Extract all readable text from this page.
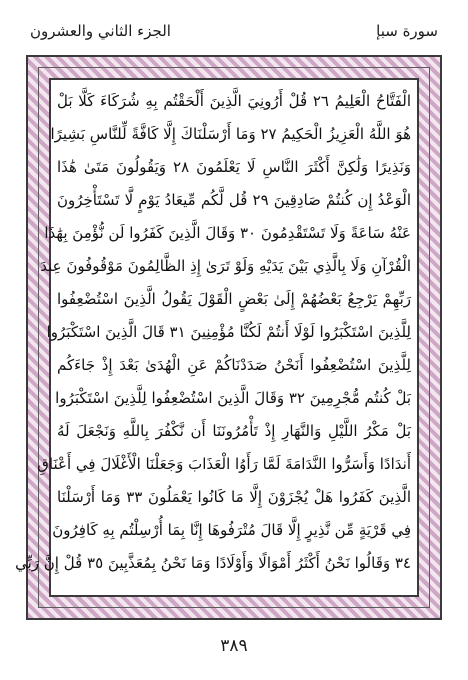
سورة سبإ
الجزء الثاني والعشرون
الْفَتَّاحُ الْعَلِيمُ ٢٦ قُلْ أَرُونِيَ الَّذِينَ أَلْحَقْتُم بِهِ شُرَكَاءَ كَلَّا بَلْ
هُوَ اللَّهُ الْعَزِيزُ الْحَكِيمُ ٢٧ وَمَا أَرْسَلْنَاكَ إِلَّا كَافَّةً لِّلنَّاسِ بَشِيرًا
وَنَذِيرًا وَلَٰكِنَّ أَكْثَرَ النَّاسِ لَا يَعْلَمُونَ ٢٨ وَيَقُولُونَ مَتَىٰ هَٰذَا
الْوَعْدُ إِن كُنتُمْ صَادِقِينَ ٢٩ قُل لَّكُم مِّيعَادُ يَوْمٍ لَّا تَسْتَأْخِرُونَ
عَنْهُ سَاعَةً وَلَا تَسْتَقْدِمُونَ ٣٠ وَقَالَ الَّذِينَ كَفَرُوا لَن نُّؤْمِنَ بِهَٰذَا
الْقُرْآنِ وَلَا بِالَّذِي بَيْنَ يَدَيْهِ وَلَوْ تَرَىٰ إِذِ الظَّالِمُونَ مَوْقُوفُونَ عِندَ
رَبِّهِمْ يَرْجِعُ بَعْضُهُمْ إِلَىٰ بَعْضٍ الْقَوْلَ يَقُولُ الَّذِينَ اسْتُضْعِفُوا
لِلَّذِينَ اسْتَكْبَرُوا لَوْلَا أَنتُمْ لَكُنَّا مُؤْمِنِينَ ٣١ قَالَ الَّذِينَ اسْتَكْبَرُوا
لِلَّذِينَ اسْتُضْعِفُوا أَنَحْنُ صَدَدْنَاكُمْ عَنِ الْهُدَىٰ بَعْدَ إِذْ جَاءَكُم
بَلْ كُنتُم مُّجْرِمِينَ ٣٢ وَقَالَ الَّذِينَ اسْتُضْعِفُوا لِلَّذِينَ اسْتَكْبَرُوا
بَلْ مَكْرُ اللَّيْلِ وَالنَّهَارِ إِذْ تَأْمُرُونَنَا أَن نَّكْفُرَ بِاللَّهِ وَنَجْعَلَ لَهُ
أَندَادًا وَأَسَرُّوا النَّدَامَةَ لَمَّا رَأَوُا الْعَذَابَ وَجَعَلْنَا الْأَغْلَالَ فِي أَعْنَاقِ
الَّذِينَ كَفَرُوا هَلْ يُجْزَوْنَ إِلَّا مَا كَانُوا يَعْمَلُونَ ٣٣ وَمَا أَرْسَلْنَا
فِي قَرْيَةٍ مِّن نَّذِيرٍ إِلَّا قَالَ مُتْرَفُوهَا إِنَّا بِمَا أُرْسِلْتُم بِهِ كَافِرُونَ
٣٤ وَقَالُوا نَحْنُ أَكْثَرُ أَمْوَالًا وَأَوْلَادًا وَمَا نَحْنُ بِمُعَذَّبِينَ ٣٥ قُلْ إِنَّ رَبِّي
٣٨٩
